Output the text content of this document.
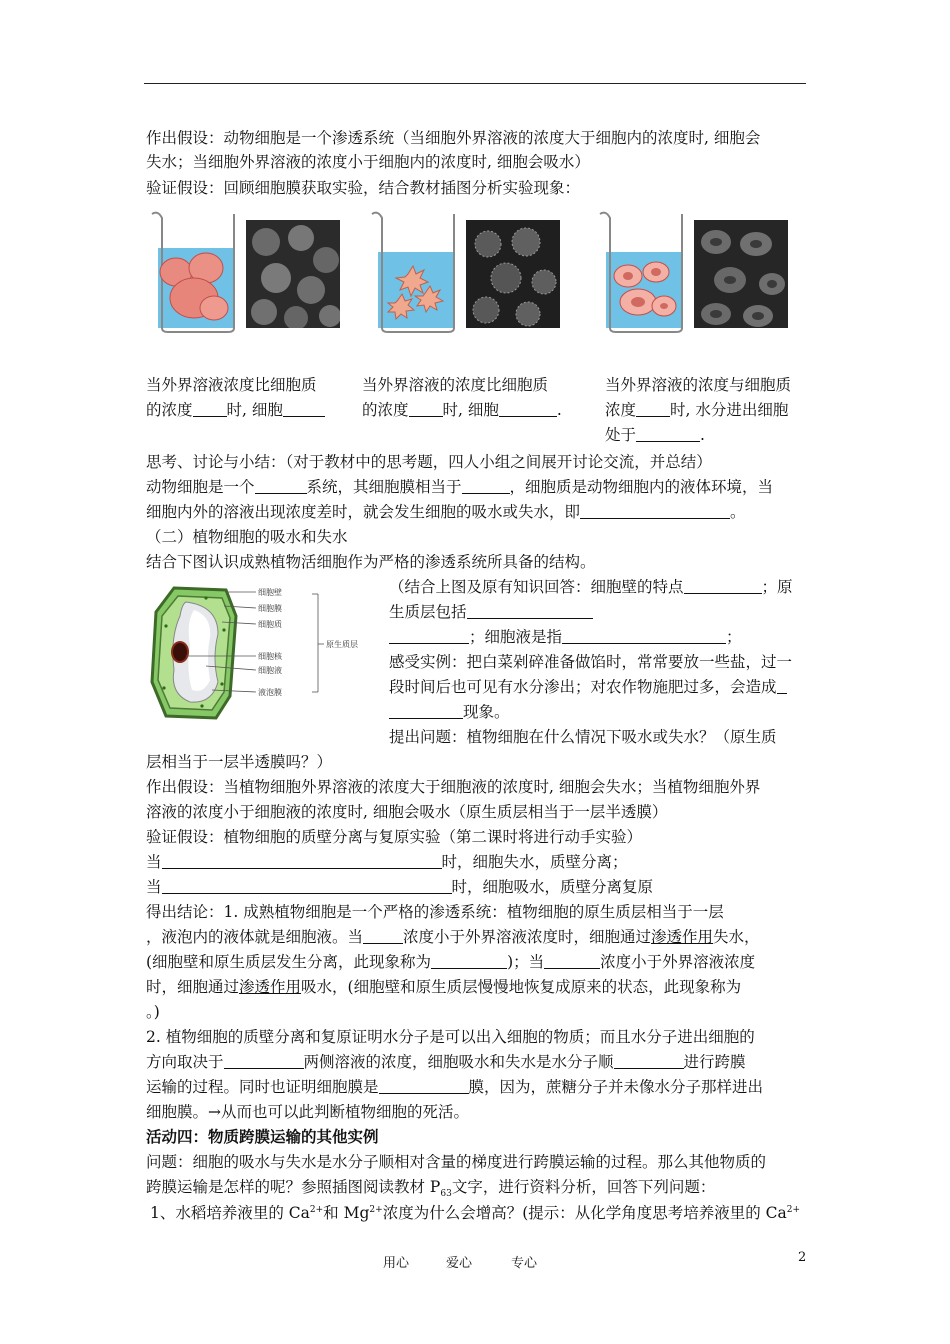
作出假设：动物细胞是一个渗透系统（当细胞外界溶液的浓度大于细胞内的浓度时, 细胞会
失水；当细胞外界溶液的浓度小于细胞内的浓度时, 细胞会吸水）
验证假设：回顾细胞膜获取实验，结合教材插图分析实验现象：
当外界溶液浓度比细胞质
的浓度 时, 细胞
当外界溶液的浓度比细胞质
的浓度 时, 细胞	.
当外界溶液的浓度与细胞质
浓度 时, 水分进出细胞
处于	.
思考、讨论与小结：（对于教材中的思考题，四人小组之间展开讨论交流，并总结）
动物细胞是一个	系统，其细胞膜相当于	，细胞质是动物细胞内的液体环境，当
细胞内外的溶液出现浓度差时，就会发生细胞的吸水或失水，即	。
（二）植物细胞的吸水和失水
结合下图认识成熟植物活细胞作为严格的渗透系统所具备的结构。
细胞壁
细胞膜
细胞质
细胞核
细胞液
液泡膜
原生质层
（结合上图及原有知识回答：细胞壁的特点	；原
生质层包括
；细胞液是指	；
感受实例：把白菜剁碎准备做馅时，常常要放一些盐，过一
段时间后也可见有水分渗出；对农作物施肥过多，会造成
现象。
提出问题：植物细胞在什么情况下吸水或失水？（原生质
层相当于一层半透膜吗？）
作出假设：当植物细胞外界溶液的浓度大于细胞液的浓度时, 细胞会失水；当植物细胞外界
溶液的浓度小于细胞液的浓度时, 细胞会吸水（原生质层相当于一层半透膜）
验证假设：植物细胞的质壁分离与复原实验（第二课时将进行动手实验）
当	时，细胞失水，质壁分离；
当	时，细胞吸水，质壁分离复原
得出结论：1. 成熟植物细胞是一个严格的渗透系统：植物细胞的原生质层相当于一层
，液泡内的液体就是细胞液。当	浓度小于外界溶液浓度时，细胞通过渗透作用失水，
(细胞壁和原生质层发生分离，此现象称为	)；当	浓度小于外界溶液浓度
时，细胞通过渗透作用吸水，(细胞壁和原生质层慢慢地恢复成原来的状态，此现象称为
。)
2. 植物细胞的质壁分离和复原证明水分子是可以出入细胞的物质；而且水分子进出细胞的
方向取决于	两侧溶液的浓度，细胞吸水和失水是水分子顺	进行跨膜
运输的过程。同时也证明细胞膜是	膜，因为，蔗糖分子并未像水分子那样进出
细胞膜。→从而也可以此判断植物细胞的死活。
活动四：物质跨膜运输的其他实例
问题：细胞的吸水与失水是水分子顺相对含量的梯度进行跨膜运输的过程。那么其他物质的
跨膜运输是怎样的呢？参照插图阅读教材 $P_{63}$文字，进行资料分析，回答下列问题：
1、水稻培养液里的 $Ca^{2+}$和 $Mg^{2+}$浓度为什么会增高？(提示：从化学角度思考培养液里的 $Ca^{2+}$
用心	爱心	专心	2
